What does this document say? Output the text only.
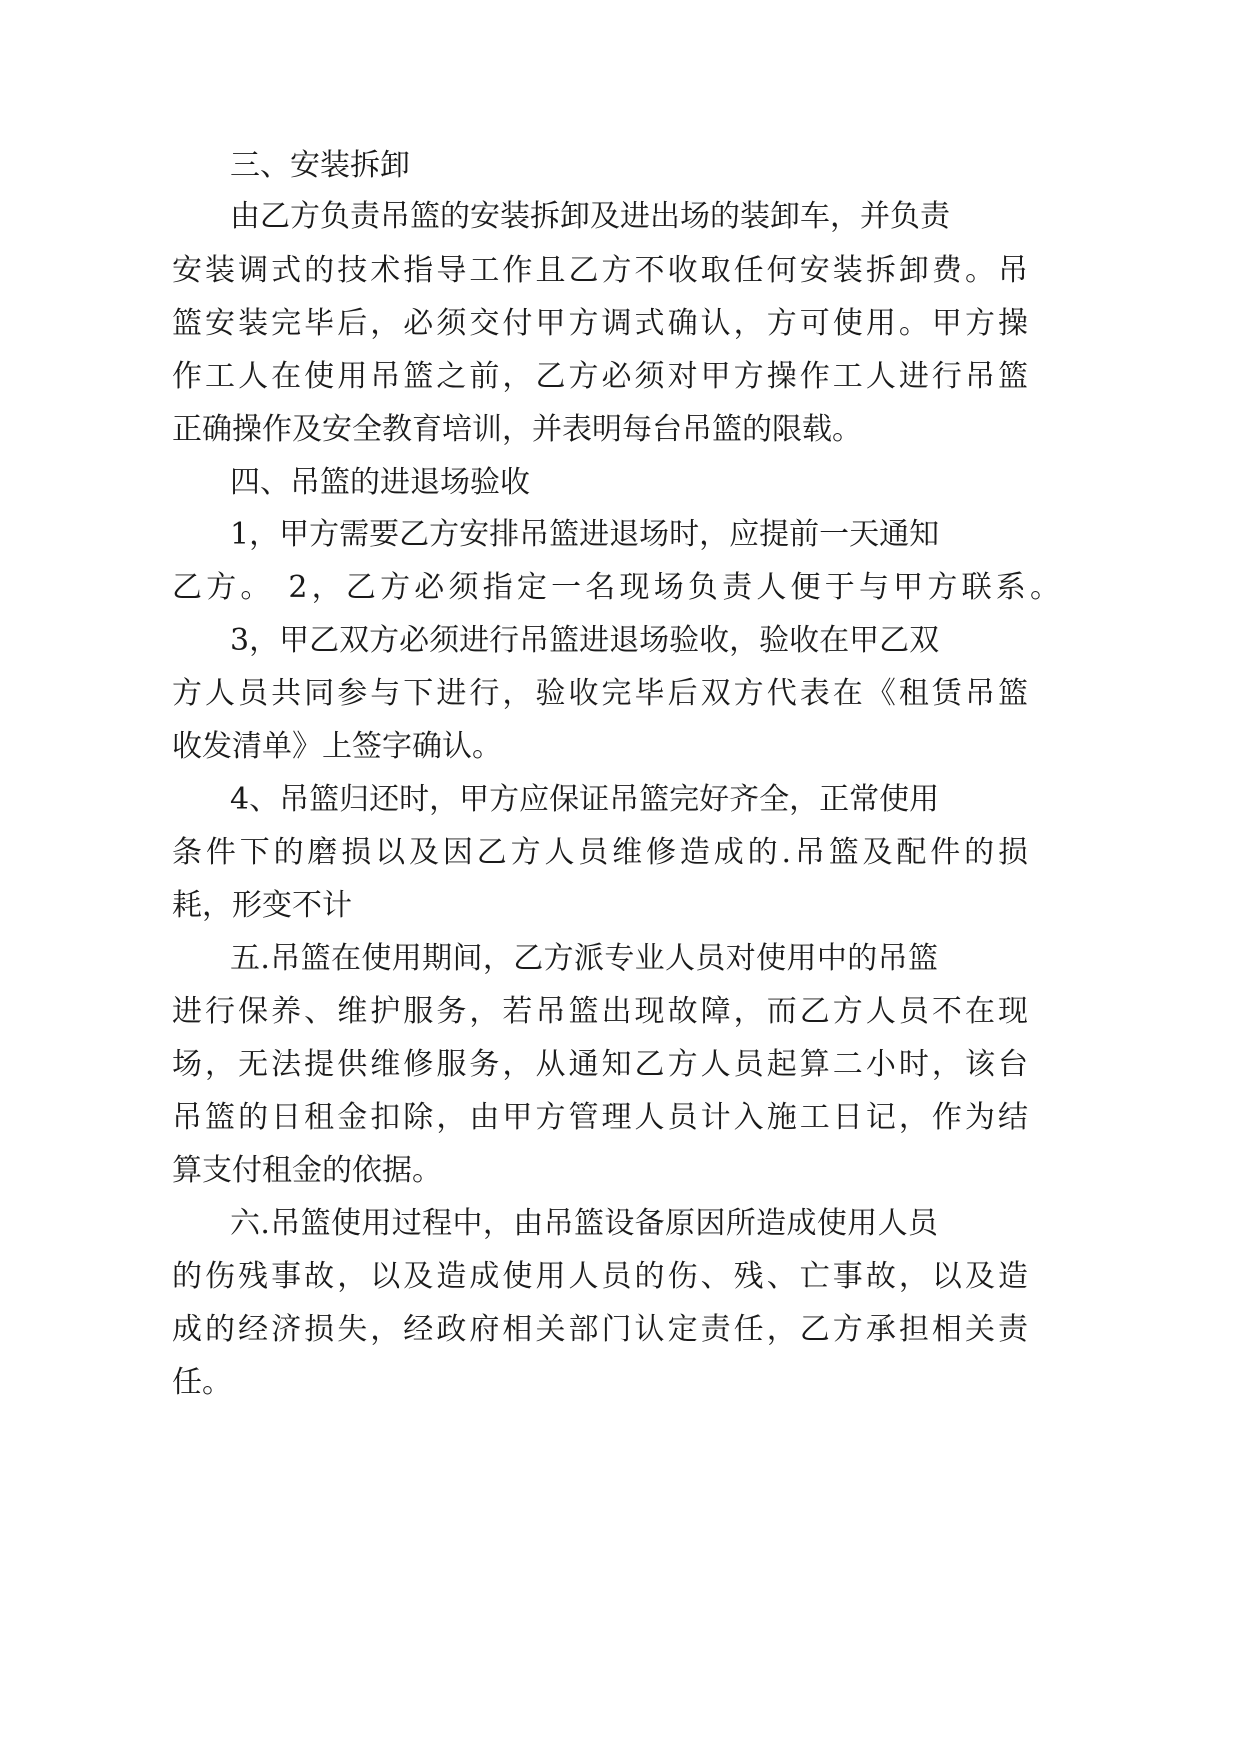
三、安装拆卸
由乙方负责吊篮的安装拆卸及进出场的装卸车，并负责
安装调式的技术指导工作且乙方不收取任何安装拆卸费。吊
篮安装完毕后，必须交付甲方调式确认，方可使用。甲方操
作工人在使用吊篮之前，乙方必须对甲方操作工人进行吊篮
正确操作及安全教育培训，并表明每台吊篮的限载。
四、吊篮的进退场验收
1，甲方需要乙方安排吊篮进退场时，应提前一天通知
乙方。 2，乙方必须指定一名现场负责人便于与甲方联系。
3，甲乙双方必须进行吊篮进退场验收，验收在甲乙双
方人员共同参与下进行，验收完毕后双方代表在《租赁吊篮
收发清单》上签字确认。
4、吊篮归还时，甲方应保证吊篮完好齐全，正常使用
条件下的磨损以及因乙方人员维修造成的.吊篮及配件的损
耗，形变不计
五.吊篮在使用期间，乙方派专业人员对使用中的吊篮
进行保养、维护服务，若吊篮出现故障，而乙方人员不在现
场，无法提供维修服务，从通知乙方人员起算二小时，该台
吊篮的日租金扣除，由甲方管理人员计入施工日记，作为结
算支付租金的依据。
六.吊篮使用过程中，由吊篮设备原因所造成使用人员
的伤残事故，以及造成使用人员的伤、残、亡事故，以及造
成的经济损失，经政府相关部门认定责任，乙方承担相关责
任。
